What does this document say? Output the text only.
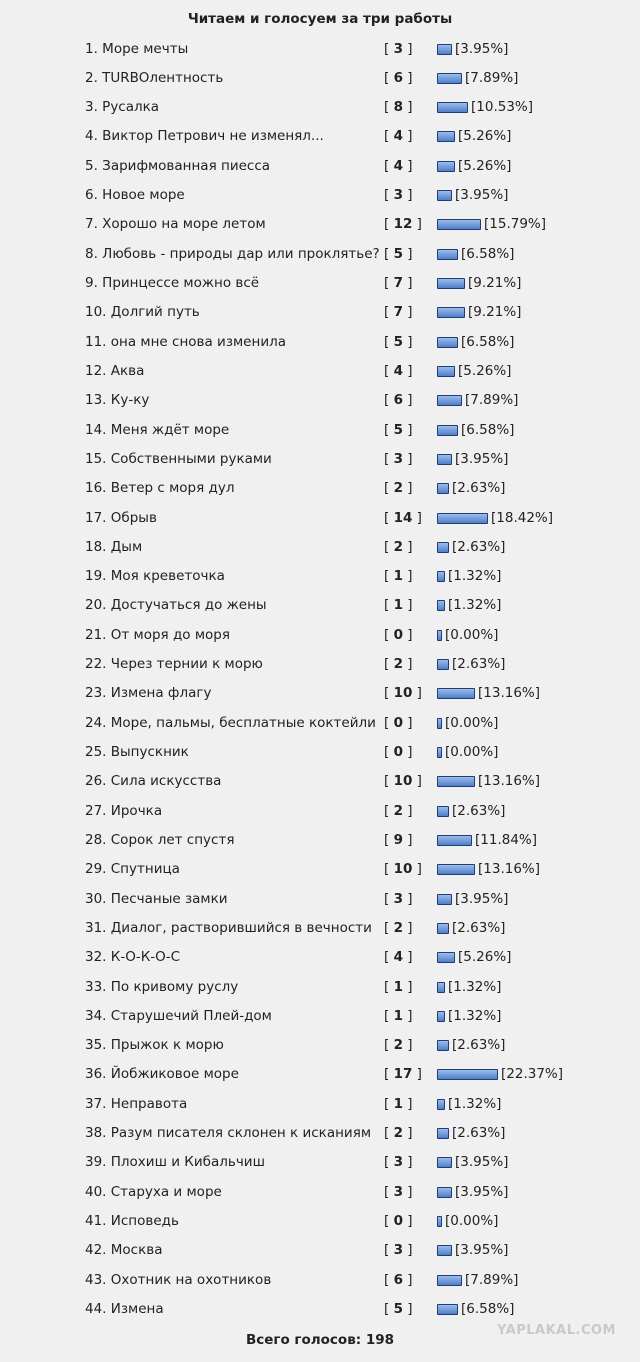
Читаем и голосуем за три работы
1. Море мечты	[ 3 ]	[3.95%]
2. TURBOлентность	[ 6 ]	[7.89%]
3. Русалка	[ 8 ]	[10.53%]
4. Виктор Петрович не изменял...	[ 4 ]	[5.26%]
5. Зарифмованная пиесса	[ 4 ]	[5.26%]
6. Новое море	[ 3 ]	[3.95%]
7. Хорошо на море летом	[ 12 ]	[15.79%]
8. Любовь - природы дар или проклятье? [ 5 ]	[6.58%]
9. Принцессе можно всё	[ 7 ]	[9.21%]
10. Долгий путь	[ 7 ]	[9.21%]
11. она мне снова изменила	[ 5 ]	[6.58%]
12. Аква	[ 4 ]	[5.26%]
13. Ку-ку	[ 6 ]	[7.89%]
14. Меня ждёт море	[ 5 ]	[6.58%]
15. Собственными руками	[ 3 ]	[3.95%]
16. Ветер с моря дул	[ 2 ]	[2.63%]
17. Обрыв	[ 14 ]	[18.42%]
18. Дым	[ 2 ]	[2.63%]
19. Моя креветочка	[ 1 ]	[1.32%]
20. Достучаться до жены	[ 1 ]	[1.32%]
21. От моря до моря	[ 0 ] [0.00%]
22. Через тернии к морю	[ 2 ]	[2.63%]
23. Измена флагу	[ 10 ]	[13.16%]
24. Море, пальмы, бесплатные коктейли [ 0 ] [0.00%]
25. Выпускник	[ 0 ] [0.00%]
26. Сила искусства	[ 10 ]	[13.16%]
27. Ирочка	[ 2 ]	[2.63%]
28. Сорок лет спустя	[ 9 ]	[11.84%]
29. Спутница	[ 10 ]	[13.16%]
30. Песчаные замки	[ 3 ]	[3.95%]
31. Диалог, растворившийся в вечности [ 2 ]	[2.63%]
32. К-О-К-О-С	[ 4 ]	[5.26%]
33. По кривому руслу	[ 1 ]	[1.32%]
34. Старушечий Плей-дом	[ 1 ]	[1.32%]
35. Прыжок к морю	[ 2 ]	[2.63%]
36. Йобжиковое море	[ 17 ]	[22.37%]
37. Неправота	[ 1 ]	[1.32%]
38. Разум писателя склонен к исканиям [ 2 ]	[2.63%]
39. Плохиш и Кибальчиш	[ 3 ]	[3.95%]
40. Старуха и море	[ 3 ]	[3.95%]
41. Исповедь	[ 0 ] [0.00%]
42. Москва	[ 3 ]	[3.95%]
43. Охотник на охотников	[ 6 ]	[7.89%]
44. Измена	[ 5 ]	[6.58%]
Всего голосов: 198
YAPLAKAL.COM
